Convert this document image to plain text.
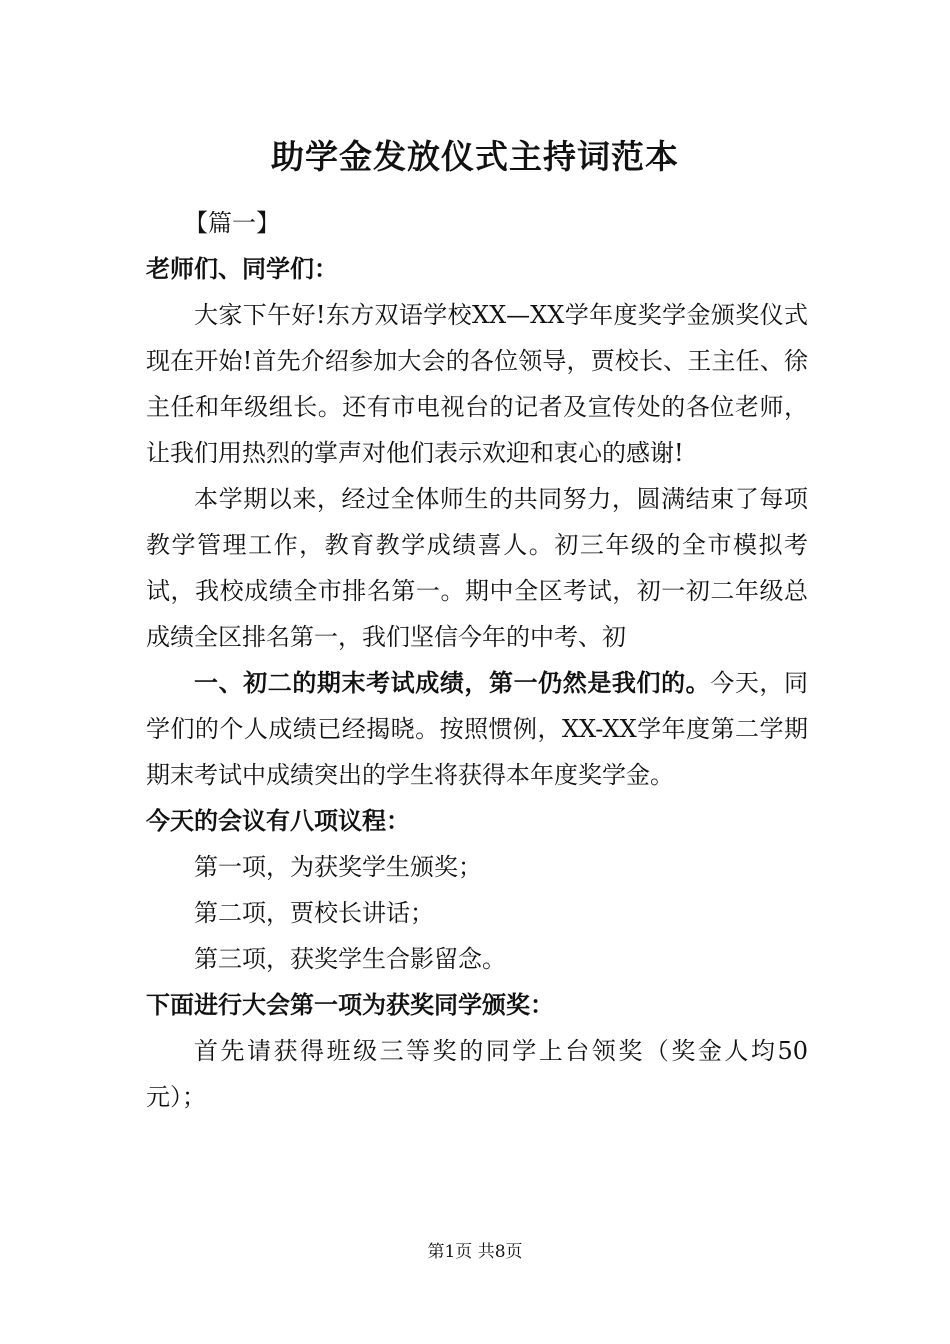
助学金发放仪式主持词范本

【篇一】

老师们、同学们：

大家下午好!东方双语学校XX—XX学年度奖学金颁奖仪式现在开始!首先介绍参加大会的各位领导，贾校长、王主任、徐主任和年级组长。还有市电视台的记者及宣传处的各位老师，让我们用热烈的掌声对他们表示欢迎和衷心的感谢!

本学期以来，经过全体师生的共同努力，圆满结束了每项教学管理工作，教育教学成绩喜人。初三年级的全市模拟考试，我校成绩全市排名第一。期中全区考试，初一初二年级总成绩全区排名第一，我们坚信今年的中考、初

一、初二的期末考试成绩，第一仍然是我们的。今天，同学们的个人成绩已经揭晓。按照惯例，XX-XX学年度第二学期期末考试中成绩突出的学生将获得本年度奖学金。

今天的会议有八项议程：

第一项，为获奖学生颁奖；

第二项，贾校长讲话；

第三项，获奖学生合影留念。

下面进行大会第一项为获奖同学颁奖：

首先请获得班级三等奖的同学上台领奖（奖金人均50元）；

第1页 共8页
